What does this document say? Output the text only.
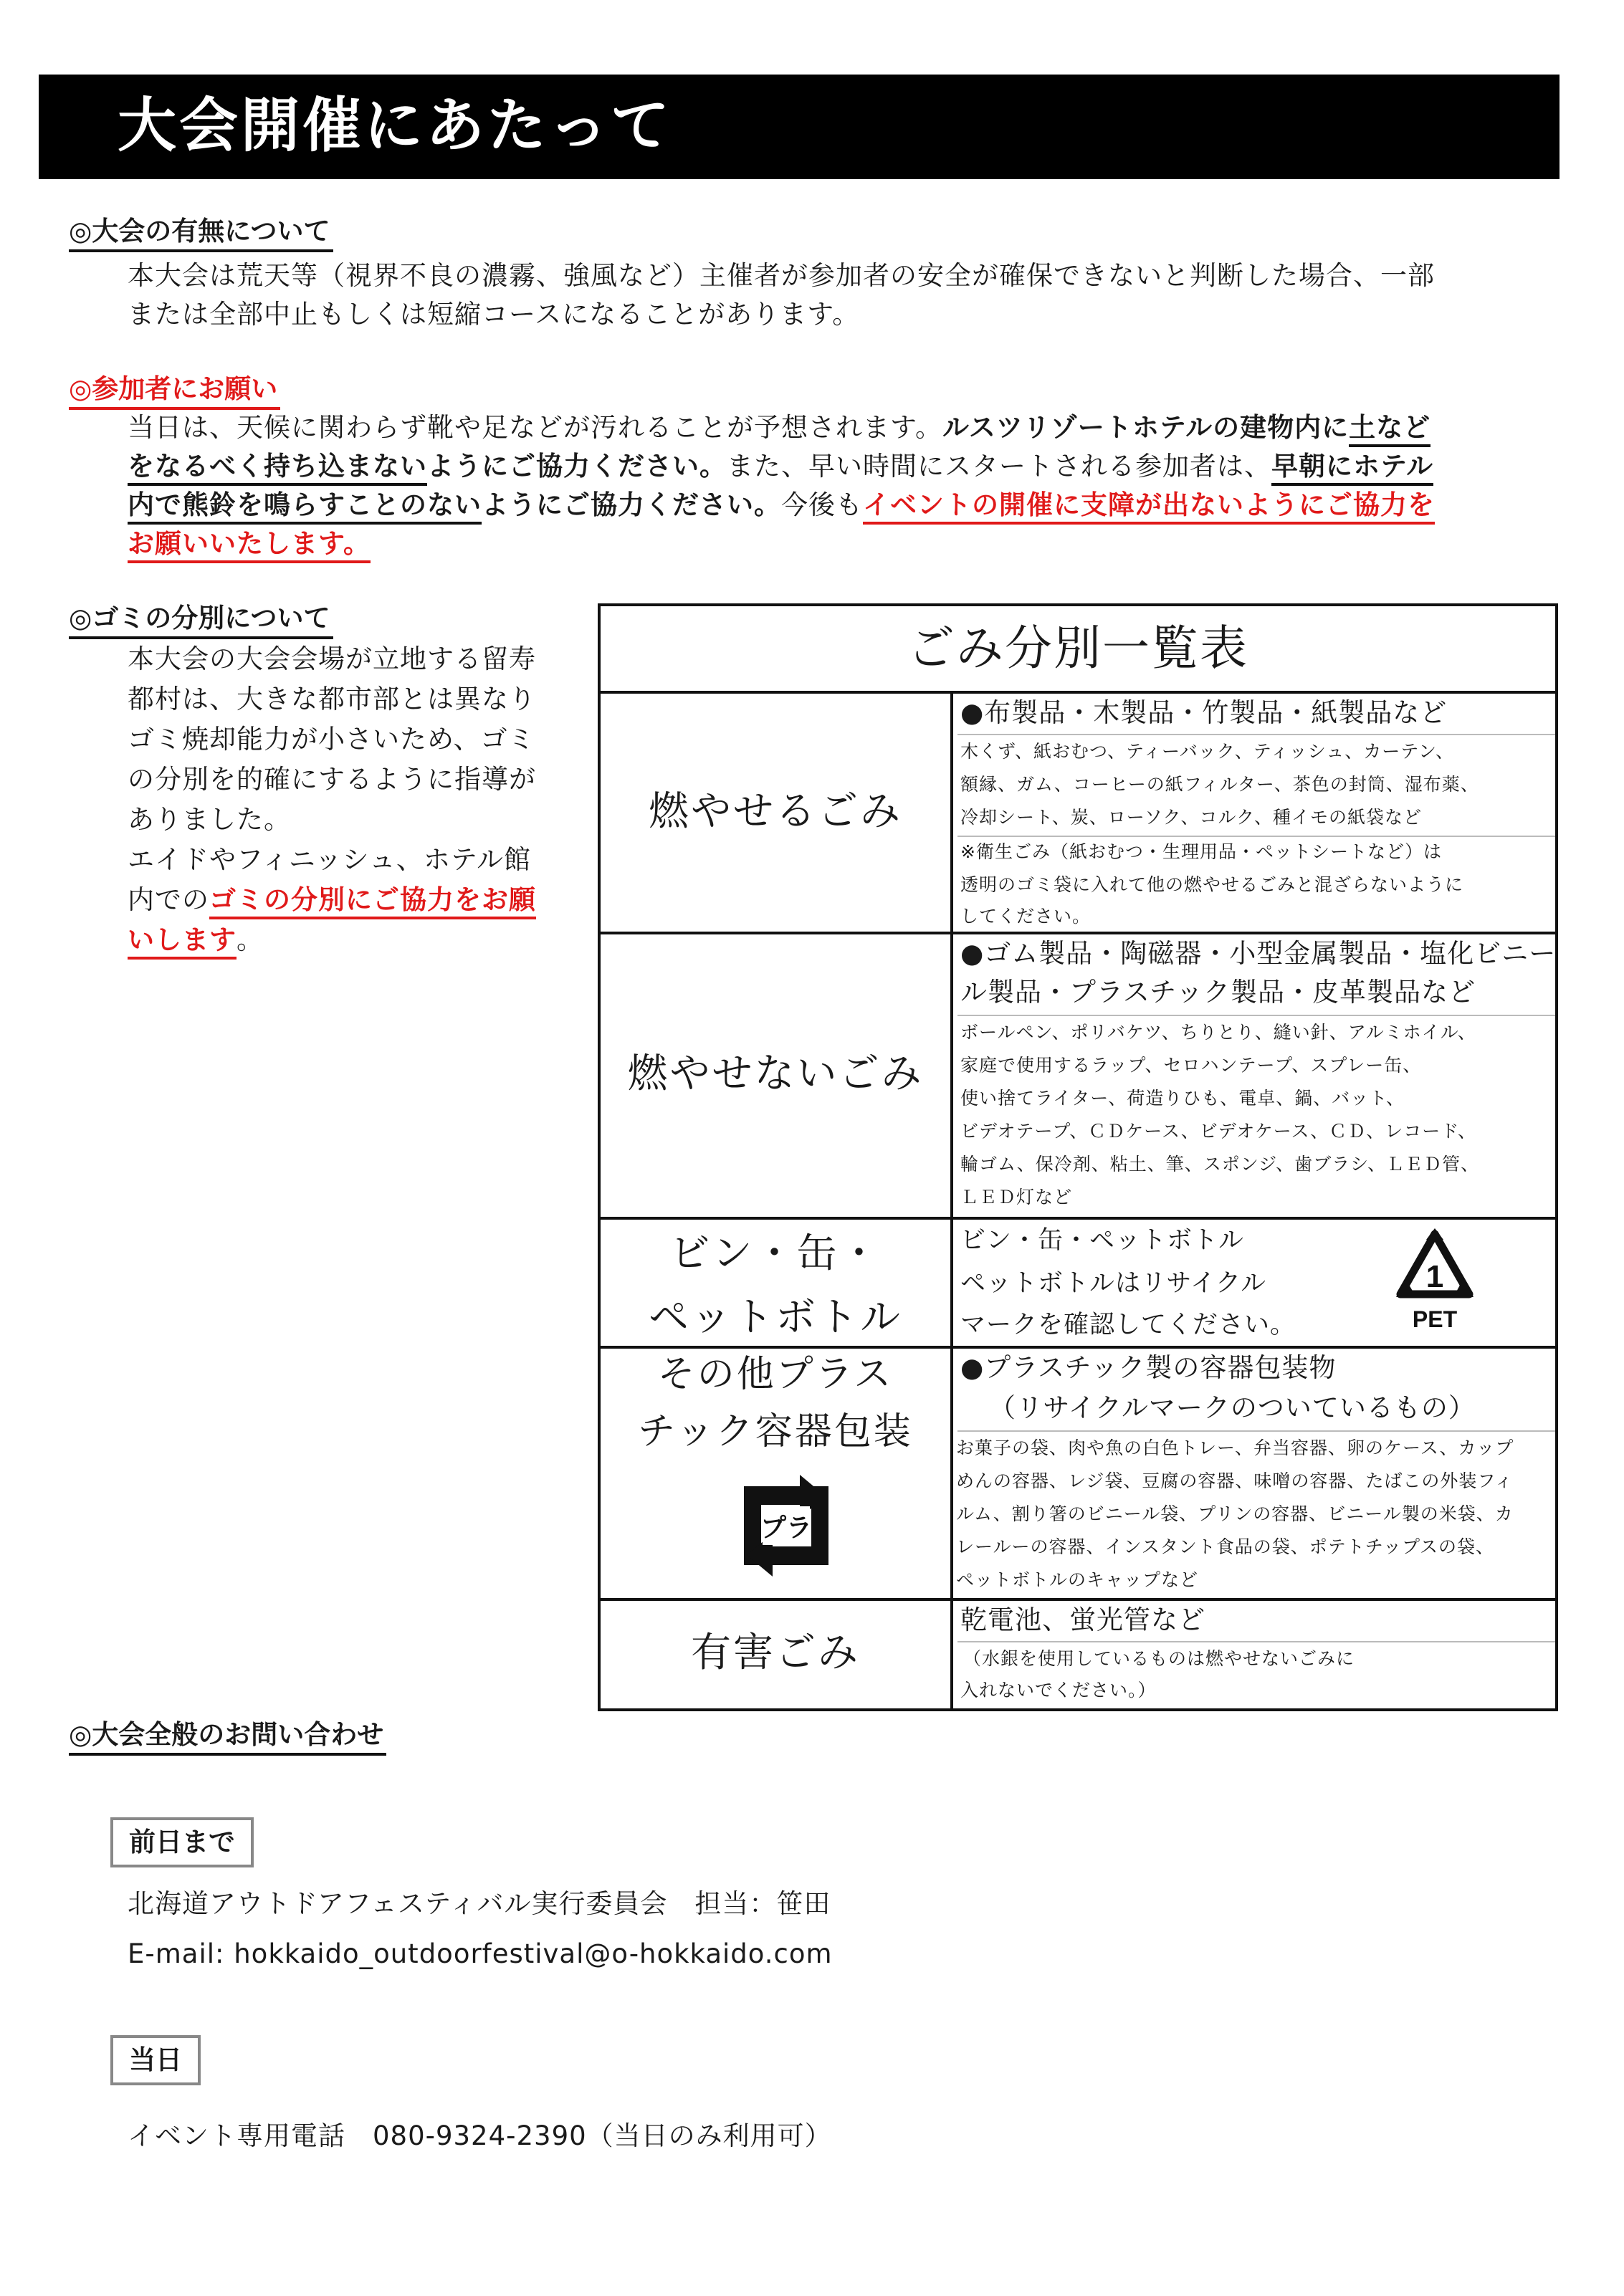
大会開催にあたって
◎大会の有無について
本大会は荒天等（視界不良の濃霧、強風など）主催者が参加者の安全が確保できないと判断した場合、一部
または全部中止もしくは短縮コースになることがあります。
◎参加者にお願い
当日は、天候に関わらず靴や足などが汚れることが予想されます。ルスツリゾートホテルの建物内に土など
をなるべく持ち込まないようにご協力ください。また、早い時間にスタートされる参加者は、早朝にホテル
内で熊鈴を鳴らすことのないようにご協力ください。今後もイベントの開催に支障が出ないようにご協力を
お願いいたします。
◎ゴミの分別について
本大会の大会会場が立地する留寿
都村は、大きな都市部とは異なり
ゴミ焼却能力が小さいため、ゴミ
の分別を的確にするように指導が
ありました。
エイドやフィニッシュ、ホテル館
内でのゴミの分別にご協力をお願
いします。
ごみ分別一覧表
燃やせるごみ
●布製品・木製品・竹製品・紙製品など
木くず、紙おむつ、ティーバック、ティッシュ、カーテン、
額縁、ガム、コーヒーの紙フィルター、茶色の封筒、湿布薬、
冷却シート、炭、ローソク、コルク、種イモの紙袋など
※衛生ごみ（紙おむつ・生理用品・ペットシートなど）は
透明のゴミ袋に入れて他の燃やせるごみと混ざらないように
してください。
燃やせないごみ
●ゴム製品・陶磁器・小型金属製品・塩化ビニー
ル製品・プラスチック製品・皮革製品など
ボールペン、ポリバケツ、ちりとり、縫い針、アルミホイル、
家庭で使用するラップ、セロハンテープ、スプレー缶、
使い捨てライター、荷造りひも、電卓、鍋、バット、
ビデオテープ、ＣＤケース、ビデオケース、ＣＤ、レコード、
輪ゴム、保冷剤、粘土、筆、スポンジ、歯ブラシ、ＬＥＤ管、
ＬＥＤ灯など
ビン・缶・
ペットボトル
ビン・缶・ペットボトル
ペットボトルはリサイクル
マークを確認してください。
1
PET
その他プラス
チック容器包装
プラ
●プラスチック製の容器包装物
（リサイクルマークのついているもの）
お菓子の袋、肉や魚の白色トレー、弁当容器、卵のケース、カップ
めんの容器、レジ袋、豆腐の容器、味噌の容器、たばこの外装フィ
ルム、割り箸のビニール袋、プリンの容器、ビニール製の米袋、カ
レールーの容器、インスタント食品の袋、ポテトチップスの袋、
ペットボトルのキャップなど
有害ごみ
乾電池、蛍光管など
（水銀を使用しているものは燃やせないごみに
入れないでください。）
◎大会全般のお問い合わせ
前日まで
北海道アウトドアフェスティバル実行委員会　担当：笹田
E-mail: hokkaido_outdoorfestival@o-hokkaido.com
当日
イベント専用電話　080-9324-2390（当日のみ利用可）
